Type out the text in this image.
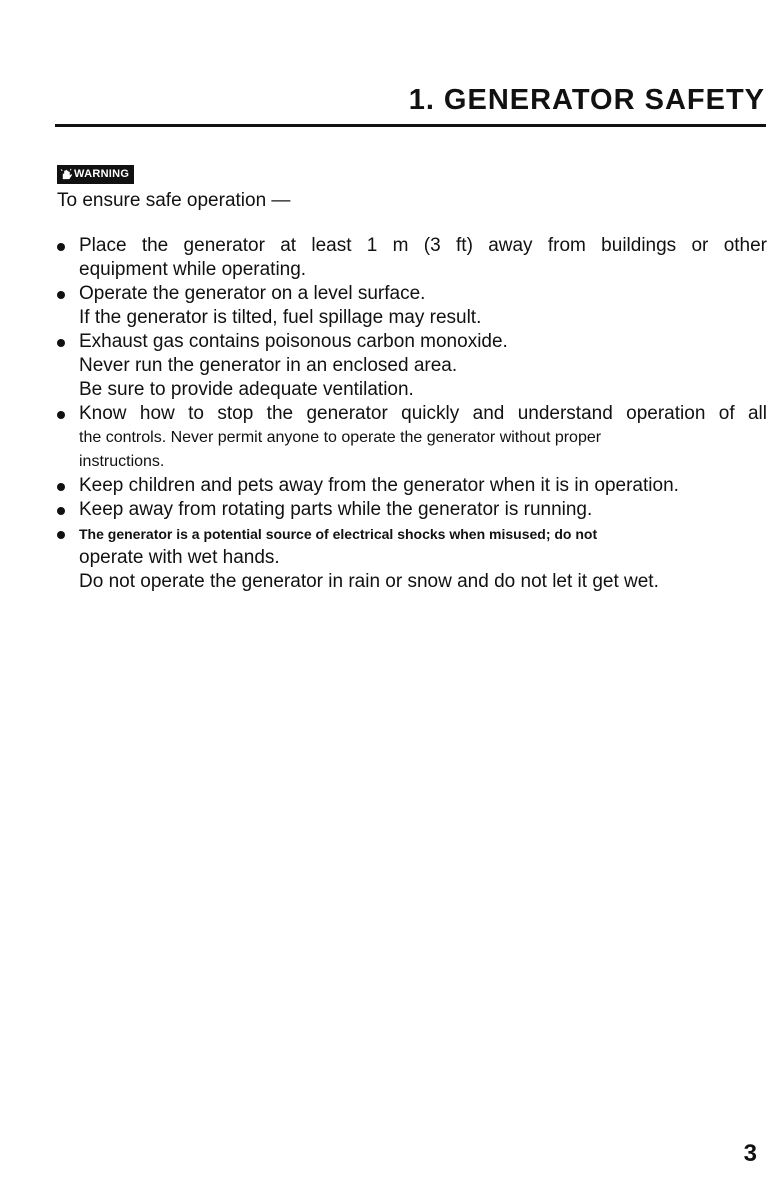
1. GENERATOR SAFETY
WARNING
To ensure safe operation —
Place the generator at least 1 m (3 ft) away from buildings or other
equipment while operating.
Operate the generator on a level surface.
If the generator is tilted, fuel spillage may result.
Exhaust gas contains poisonous carbon monoxide.
Never run the generator in an enclosed area.
Be sure to provide adequate ventilation.
Know how to stop the generator quickly and understand operation of all
the controls. Never permit anyone to operate the generator without proper
instructions.
Keep children and pets away from the generator when it is in operation.
Keep away from rotating parts while the generator is running.
The generator is a potential source of electrical shocks when misused; do not
operate with wet hands.
Do not operate the generator in rain or snow and do not let it get wet.
3
